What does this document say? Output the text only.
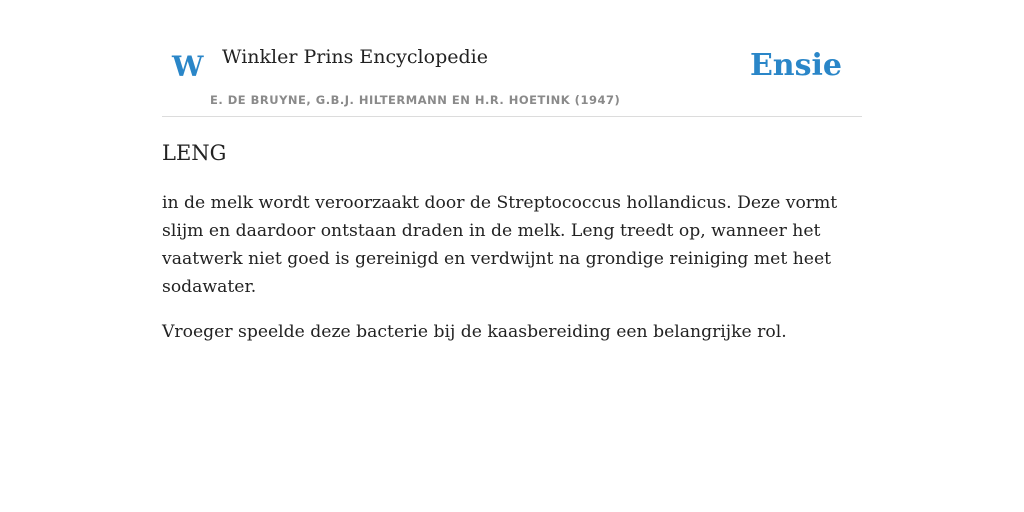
W Winkler Prins Encyclopedie
E. DE BRUYNE, G.B.J. HILTERMANN EN H.R. HOETINK (1947)
Ensie
LENG

in de melk wordt veroorzaakt door de Streptococcus hollandicus. Deze vormt slijm en daardoor ontstaan draden in de melk. Leng treedt op, wanneer het vaatwerk niet goed is gereinigd en verdwijnt na grondige reiniging met heet sodawater.

Vroeger speelde deze bacterie bij de kaasbereiding een belangrijke rol.
